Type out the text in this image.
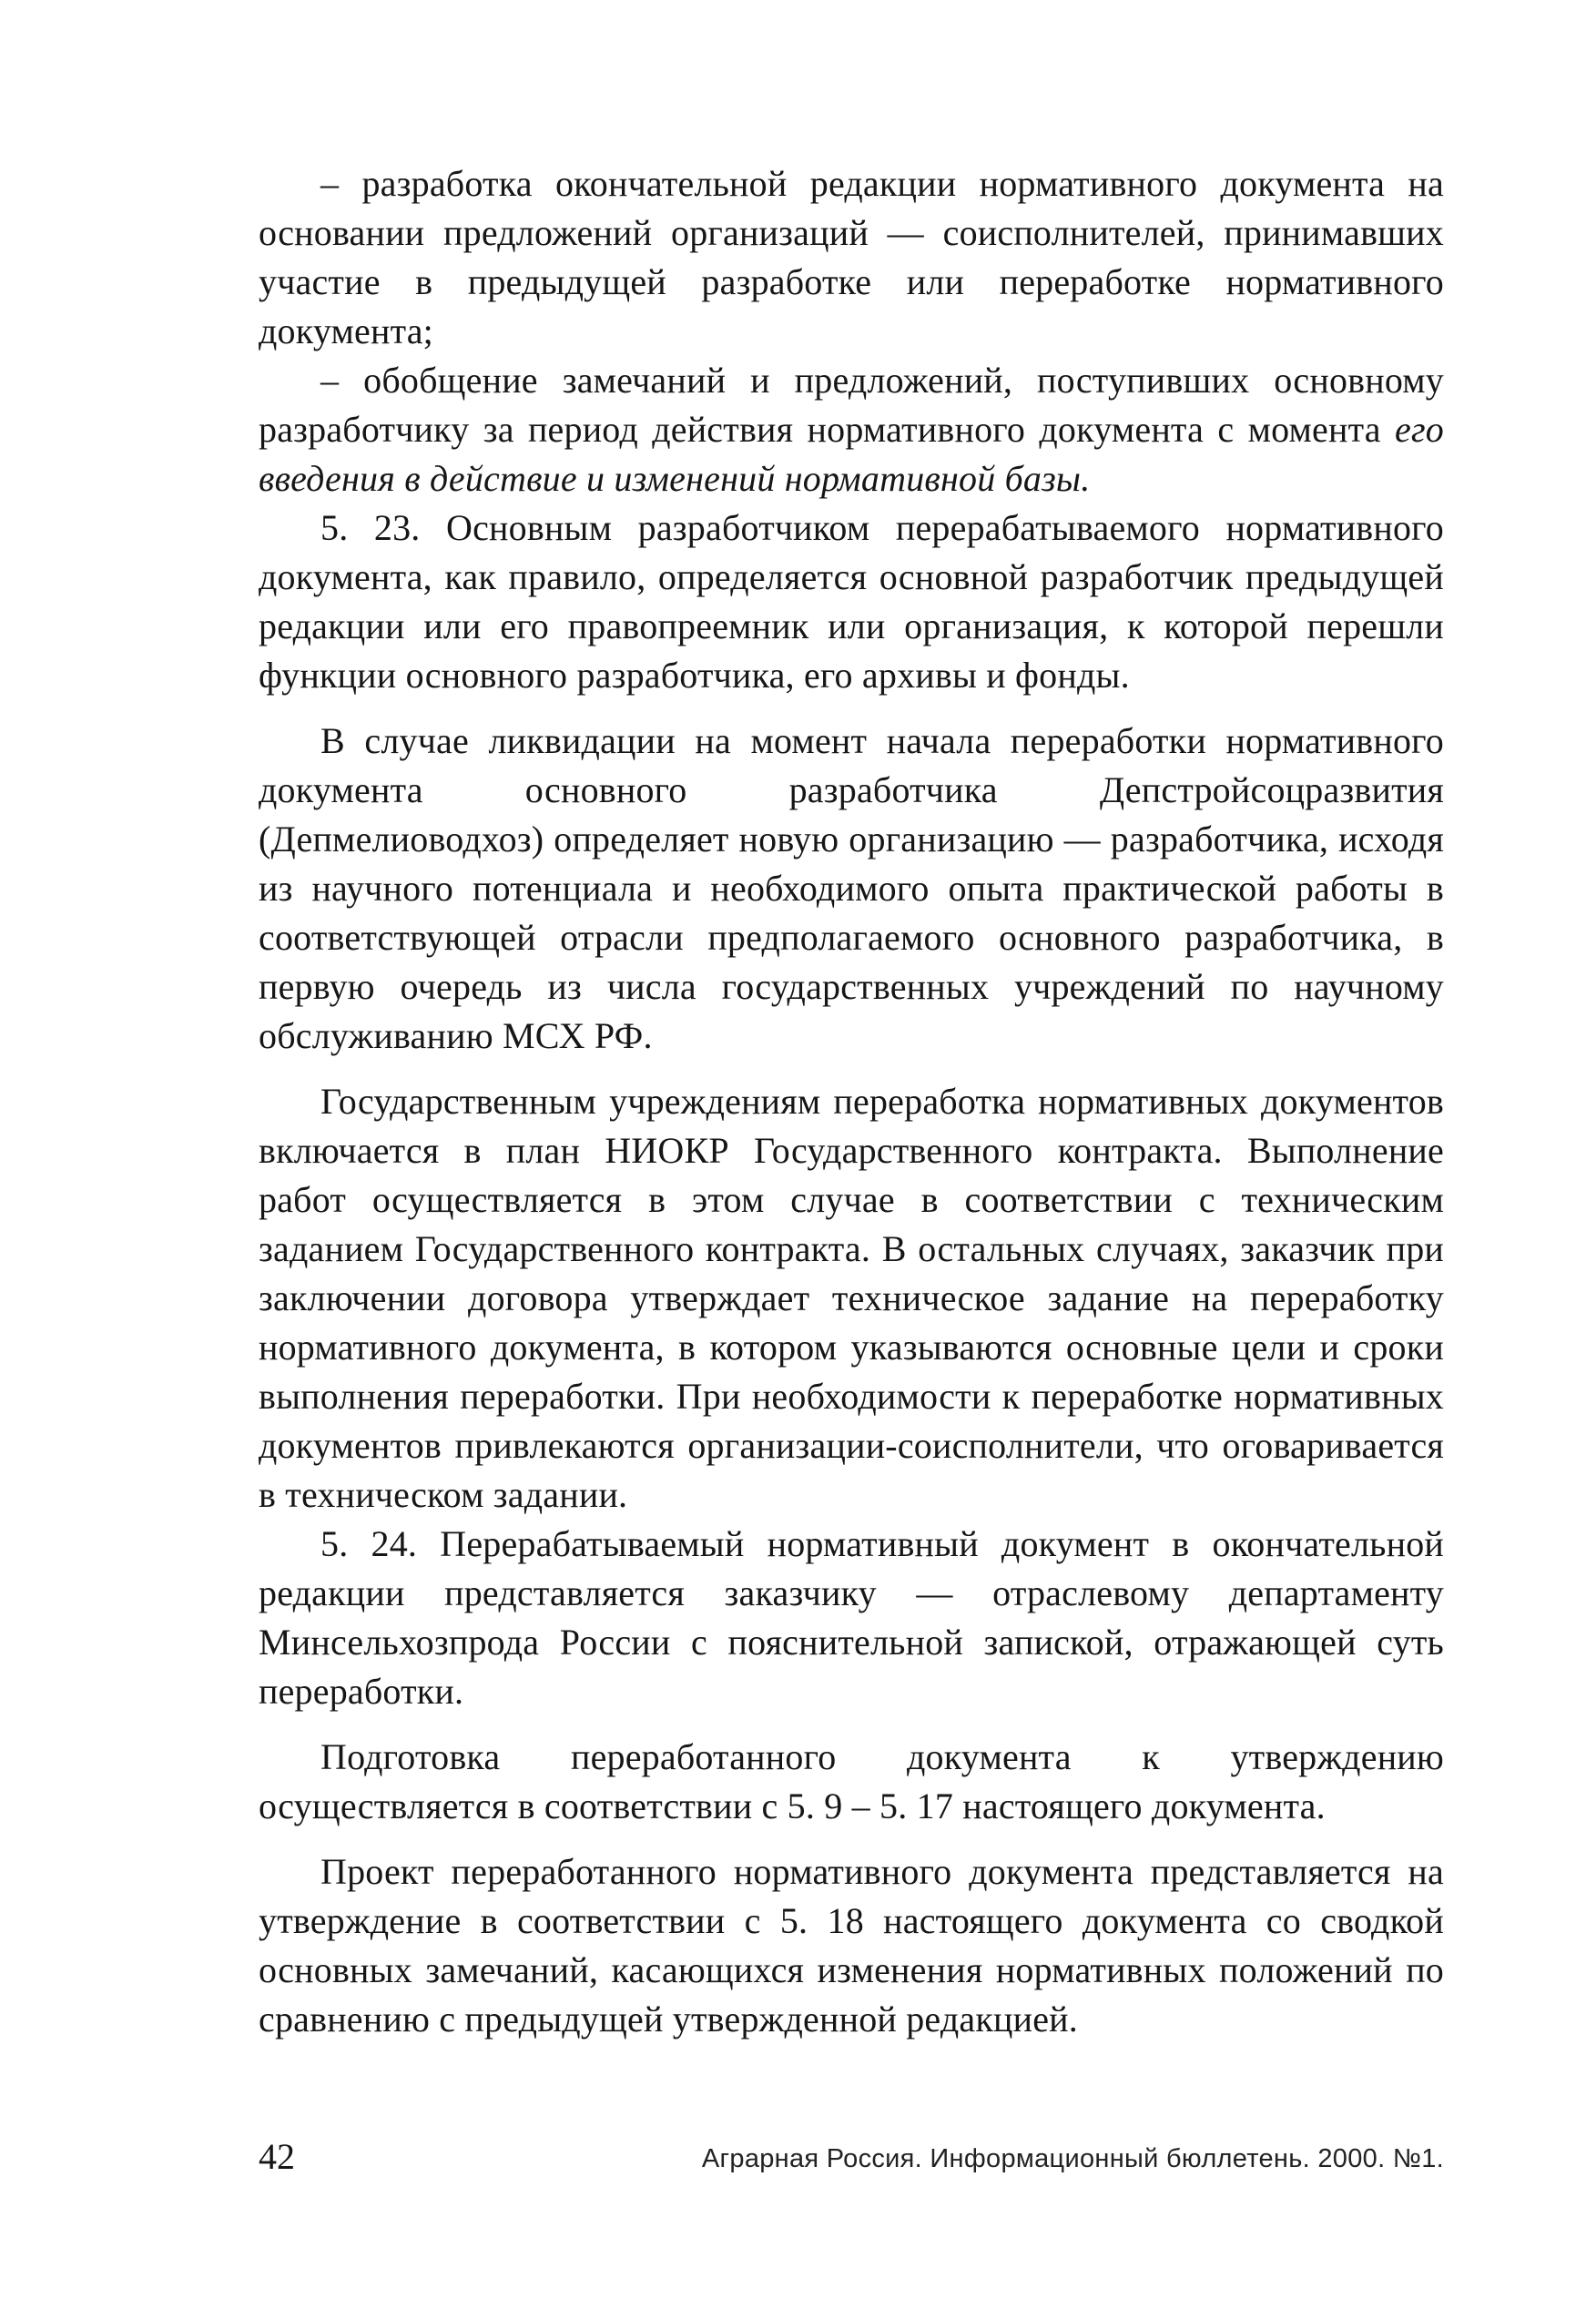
– разработка окончательной редакции нормативного документа на основании предложений организаций — соисполнителей, принимавших участие в предыдущей разработке или переработке нормативного документа;

– обобщение замечаний и предложений, поступивших основному разработчику за период действия нормативного документа с момента его введения в действие и изменений нормативной базы.

5. 23. Основным разработчиком перерабатываемого нормативного документа, как правило, определяется основной разработчик предыдущей редакции или его правопреемник или организация, к которой перешли функции основного разработчика, его архивы и фонды.

В случае ликвидации на момент начала переработки нормативного документа основного разработчика Депстройсоцразвития (Депмелиоводхоз) определяет новую организацию — разработчика, исходя из научного потенциала и необходимого опыта практической работы в соответствующей отрасли предполагаемого основного разработчика, в первую очередь из числа государственных учреждений по научному обслуживанию МСХ РФ.

Государственным учреждениям переработка нормативных документов включается в план НИОКР Государственного контракта. Выполнение работ осуществляется в этом случае в соответствии с техническим заданием Государственного контракта. В остальных случаях, заказчик при заключении договора утверждает техническое задание на переработку нормативного документа, в котором указываются основные цели и сроки выполнения переработки. При необходимости к переработке нормативных документов привлекаются организации-соисполнители, что оговаривается в техническом задании.

5. 24. Перерабатываемый нормативный документ в окончательной редакции представляется заказчику — отраслевому департаменту Минсельхозпрода России с пояснительной запиской, отражающей суть переработки.

Подготовка переработанного документа к утверждению осуществляется в соответствии с 5. 9 – 5. 17 настоящего документа.

Проект переработанного нормативного документа представляется на утверждение в соответствии с 5. 18 настоящего документа со сводкой основных замечаний, касающихся изменения нормативных положений по сравнению с предыдущей утвержденной редакцией.

42	Аграрная Россия. Информационный бюллетень. 2000. №1.
